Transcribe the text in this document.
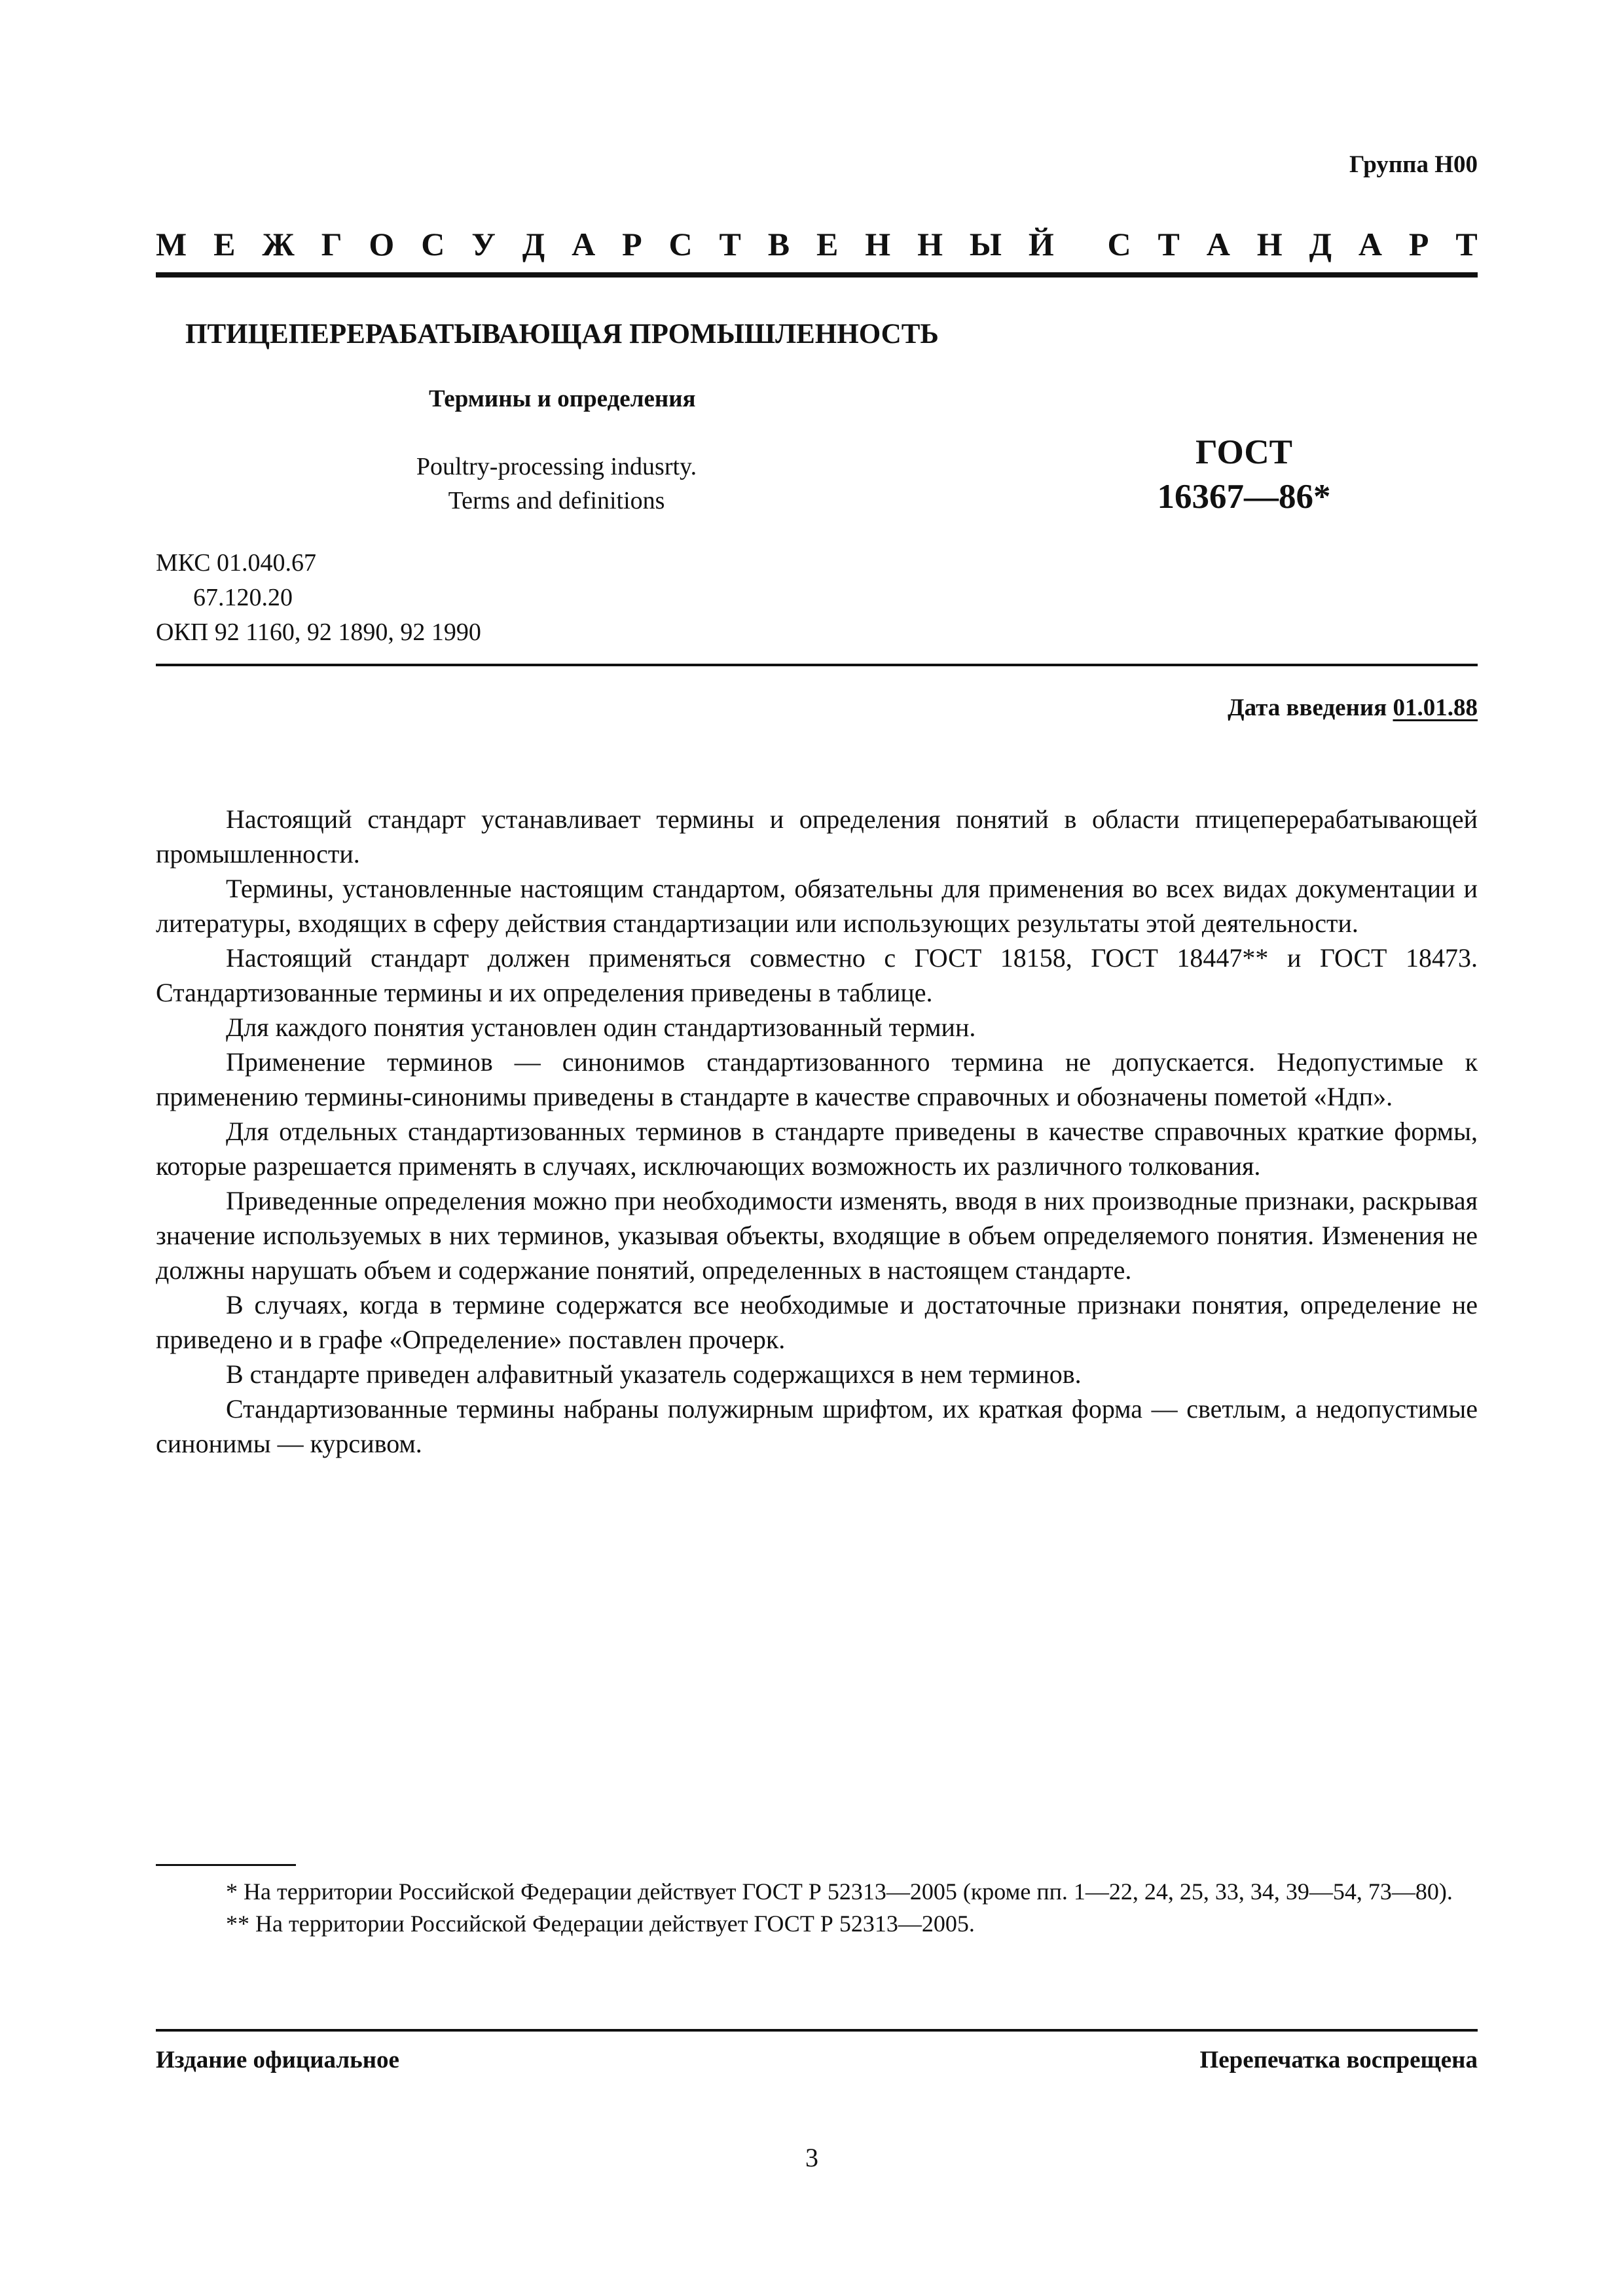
Группа Н00
М Е Ж Г О С У Д А Р С Т В Е Н Н Ы Й С Т А Н Д А Р Т
ПТИЦЕПЕРЕРАБАТЫВАЮЩАЯ ПРОМЫШЛЕННОСТЬ
Термины и определения
Poultry-processing indusrty.
Terms and definitions
ГОСТ
16367—86*
МКС 01.040.67
67.120.20
ОКП 92 1160, 92 1890, 92 1990
Дата введения 01.01.88

Настоящий стандарт устанавливает термины и определения понятий в области птицеперерабатывающей промышленности.

Термины, установленные настоящим стандартом, обязательны для применения во всех видах документации и литературы, входящих в сферу действия стандартизации или использующих результаты этой деятельности.

Настоящий стандарт должен применяться совместно с ГОСТ 18158, ГОСТ 18447** и ГОСТ 18473. Стандартизованные термины и их определения приведены в таблице.

Для каждого понятия установлен один стандартизованный термин.

Применение терминов — синонимов стандартизованного термина не допускается. Недопустимые к применению термины-синонимы приведены в стандарте в качестве справочных и обозначены пометой «Ндп».

Для отдельных стандартизованных терминов в стандарте приведены в качестве справочных краткие формы, которые разрешается применять в случаях, исключающих возможность их различного толкования.

Приведенные определения можно при необходимости изменять, вводя в них производные признаки, раскрывая значение используемых в них терминов, указывая объекты, входящие в объем определяемого понятия. Изменения не должны нарушать объем и содержание понятий, определенных в настоящем стандарте.

В случаях, когда в термине содержатся все необходимые и достаточные признаки понятия, определение не приведено и в графе «Определение» поставлен прочерк.

В стандарте приведен алфавитный указатель содержащихся в нем терминов.

Стандартизованные термины набраны полужирным шрифтом, их краткая форма — светлым, а недопустимые синонимы — курсивом.

* На территории Российской Федерации действует ГОСТ Р 52313—2005 (кроме пп. 1—22, 24, 25, 33, 34, 39—54, 73—80).

** На территории Российской Федерации действует ГОСТ Р 52313—2005.

Издание официальное	Перепечатка воспрещена
3
